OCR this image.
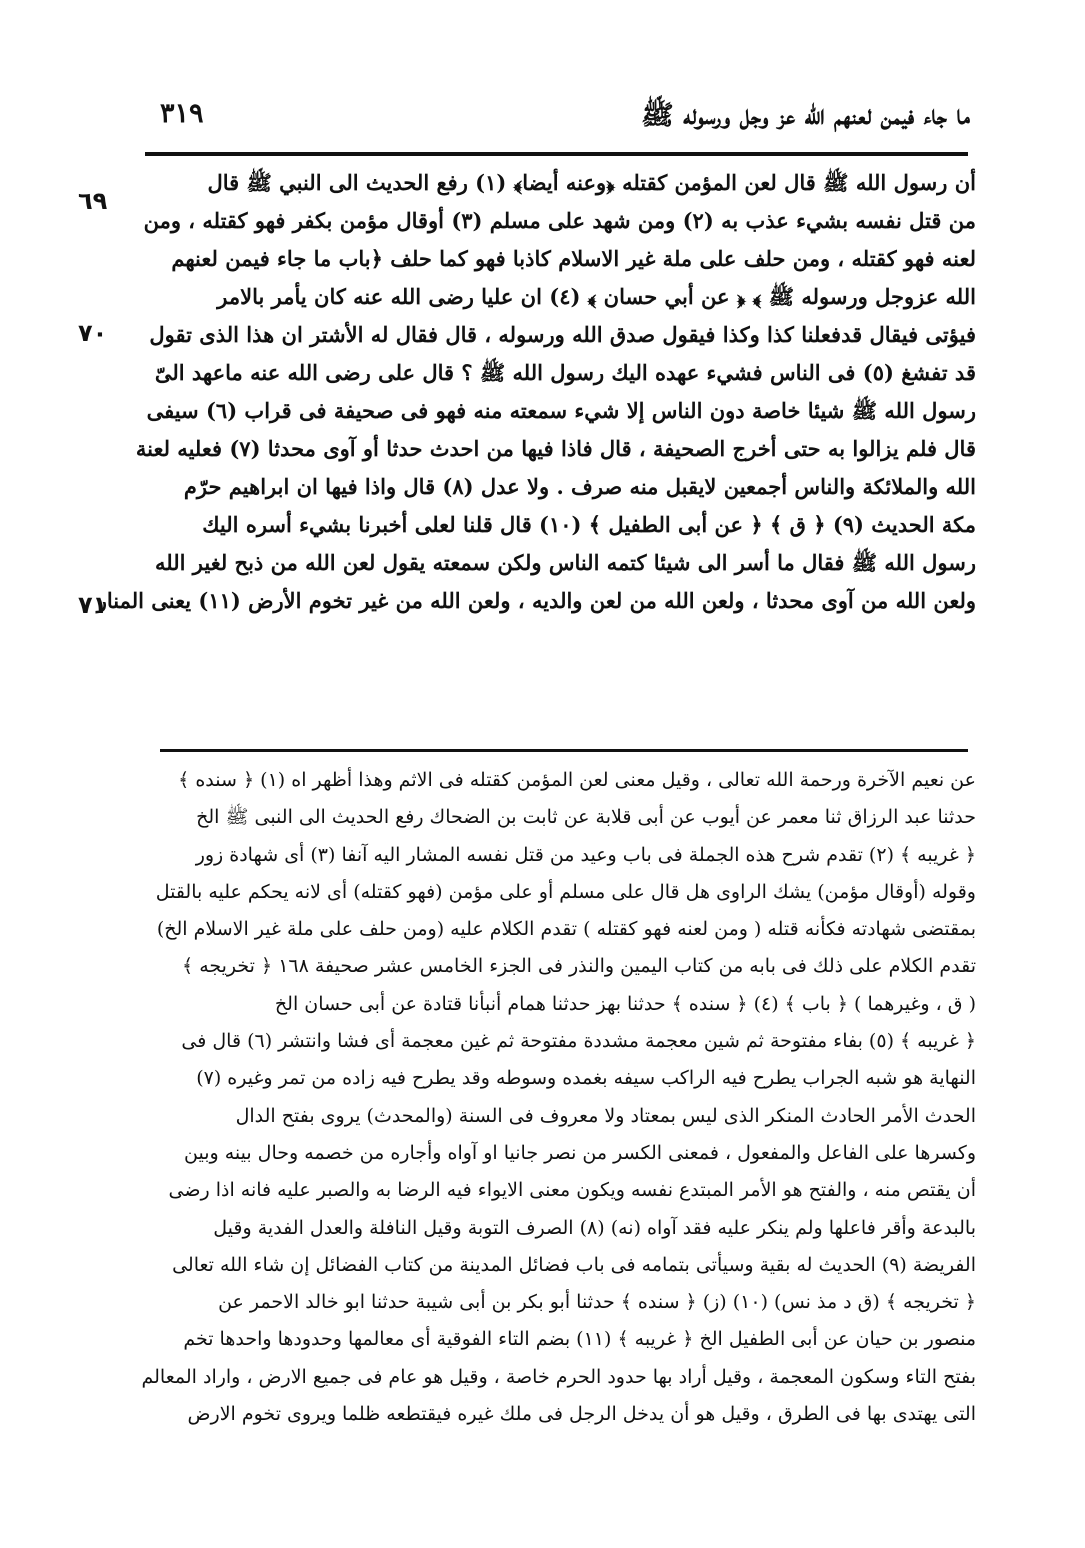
ما جاء فيمن لعنهم الله عز وجل ورسوله ﷺ
٣١٩
٦٩
٧٠
٧١
أن رسول الله ﷺ قال لعن المؤمن كقتله ﴿وعنه أيضا﴾ (١) رفع الحديث الى النبي ﷺ قال
من قتل نفسه بشيء عذب به (٢) ومن شهد على مسلم (٣) أوقال مؤمن بكفر فهو كقتله ، ومن
لعنه فهو كقتله ، ومن حلف على ملة غير الاسلام كاذبا فهو كما حلف ﴿باب ما جاء فيمن لعنهم
الله عزوجل ورسوله ﷺ ﴾ ﴿ عن أبي حسان ﴾ (٤) ان عليا رضى الله عنه كان يأمر بالامر
فيؤتى فيقال قدفعلنا كذا وكذا فيقول صدق الله ورسوله ، قال فقال له الأشتر ان هذا الذى تقول
قد تفشغ (٥) فى الناس فشيء عهده اليك رسول الله ﷺ ؟ قال على رضى الله عنه ماعهد الىّ
رسول الله ﷺ شيئا خاصة دون الناس إلا شيء سمعته منه فهو فى صحيفة فى قراب (٦) سيفى
قال فلم يزالوا به حتى أخرج الصحيفة ، قال فاذا فيها من احدث حدثا أو آوى محدثا (٧) فعليه لعنة
الله والملائكة والناس أجمعين لايقبل منه صرف . ولا عدل (٨) قال واذا فيها ان ابراهيم حرّم
مكة الحديث (٩) ﴿ ق ﴾ ﴿ عن أبى الطفيل ﴾ (١٠) قال قلنا لعلى أخبرنا بشيء أسره اليك
رسول الله ﷺ فقال ما أسر الى شيئا كتمه الناس ولكن سمعته يقول لعن الله من ذبح لغير الله
ولعن الله من آوى محدثا ، ولعن الله من لعن والديه ، ولعن الله من غير تخوم الأرض (١١) يعنى المنار
عن نعيم الآخرة ورحمة الله تعالى ، وقيل معنى لعن المؤمن كقتله فى الاثم وهذا أظهر اه (١) ﴿ سنده ﴾
حدثنا عبد الرزاق ثنا معمر عن أيوب عن أبى قلابة عن ثابت بن الضحاك رفع الحديث الى النبى ﷺ الخ
﴿ غريبه ﴾ (٢) تقدم شرح هذه الجملة فى باب وعيد من قتل نفسه المشار اليه آنفا (٣) أى شهادة زور
وقوله (أوقال مؤمن) يشك الراوى هل قال على مسلم أو على مؤمن (فهو كقتله) أى لانه يحكم عليه بالقتل
بمقتضى شهادته فكأنه قتله ( ومن لعنه فهو كقتله ) تقدم الكلام عليه (ومن حلف على ملة غير الاسلام الخ)
تقدم الكلام على ذلك فى بابه من كتاب اليمين والنذر فى الجزء الخامس عشر صحيفة ١٦٨ ﴿ تخريجه ﴾
( ق ، وغيرهما ) ﴿ باب ﴾ (٤) ﴿ سنده ﴾ حدثنا بهز حدثنا همام أنبأنا قتادة عن أبى حسان الخ
﴿ غريبه ﴾ (٥) بفاء مفتوحة ثم شين معجمة مشددة مفتوحة ثم غين معجمة أى فشا وانتشر (٦) قال فى
النهاية هو شبه الجراب يطرح فيه الراكب سيفه بغمده وسوطه وقد يطرح فيه زاده من تمر وغيره (٧)
الحدث الأمر الحادث المنكر الذى ليس بمعتاد ولا معروف فى السنة (والمحدث) يروى بفتح الدال
وكسرها على الفاعل والمفعول ، فمعنى الكسر من نصر جانيا او آواه وأجاره من خصمه وحال بينه وبين
أن يقتص منه ، والفتح هو الأمر المبتدع نفسه ويكون معنى الايواء فيه الرضا به والصبر عليه فانه اذا رضى
بالبدعة وأقر فاعلها ولم ينكر عليه فقد آواه (نه) (٨) الصرف التوبة وقيل النافلة والعدل الفدية وقيل
الفريضة (٩) الحديث له بقية وسيأتى بتمامه فى باب فضائل المدينة من كتاب الفضائل إن شاء الله تعالى
﴿ تخريجه ﴾ (ق د مذ نس) (١٠) (ز) ﴿ سنده ﴾ حدثنا أبو بكر بن أبى شيبة حدثنا ابو خالد الاحمر عن
منصور بن حيان عن أبى الطفيل الخ ﴿ غريبه ﴾ (١١) بضم التاء الفوقية أى معالمها وحدودها واحدها تخم
بفتح التاء وسكون المعجمة ، وقيل أراد بها حدود الحرم خاصة ، وقيل هو عام فى جميع الارض ، واراد المعالم
التى يهتدى بها فى الطرق ، وقيل هو أن يدخل الرجل فى ملك غيره فيقتطعه ظلما ويروى تخوم الارض
